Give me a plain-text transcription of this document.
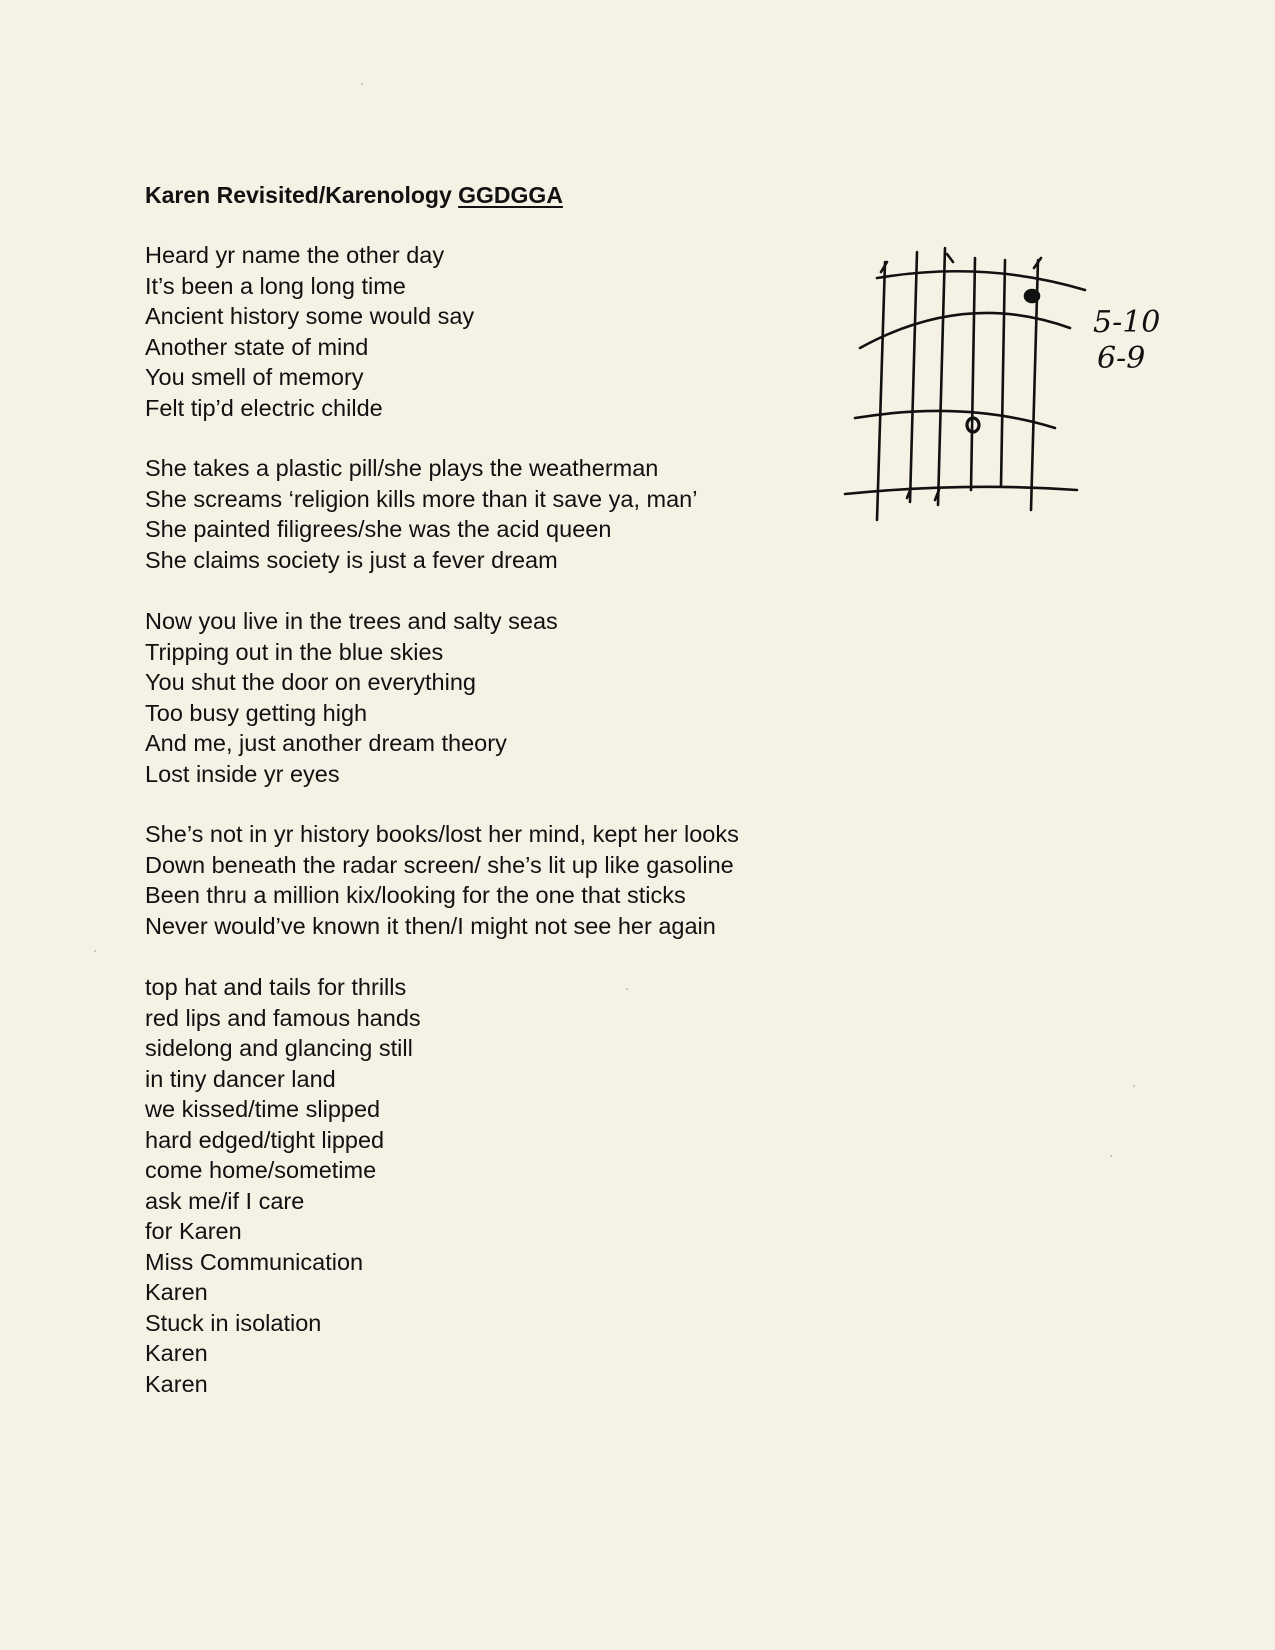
Karen Revisited/Karenology GGDGGA
Heard yr name the other day
It’s been a long long time
Ancient history some would say
Another state of mind
You smell of memory
Felt tip’d electric childe
She takes a plastic pill/she plays the weatherman
She screams ‘religion kills more than it save ya, man’
She painted filigrees/she was the acid queen
She claims society is just a fever dream
Now you live in the trees and salty seas
Tripping out in the blue skies
You shut the door on everything
Too busy getting high
And me, just another dream theory
Lost inside yr eyes
She’s not in yr history books/lost her mind, kept her looks
Down beneath the radar screen/ she’s lit up like gasoline
Been thru a million kix/looking for the one that sticks
Never would’ve known it then/I might not see her again
top hat and tails for thrills
red lips and famous hands
sidelong and glancing still
in tiny dancer land
we kissed/time slipped
hard edged/tight lipped
come home/sometime
ask me/if I care
for Karen
Miss Communication
Karen
Stuck in isolation
Karen
Karen
5-10
6-9
